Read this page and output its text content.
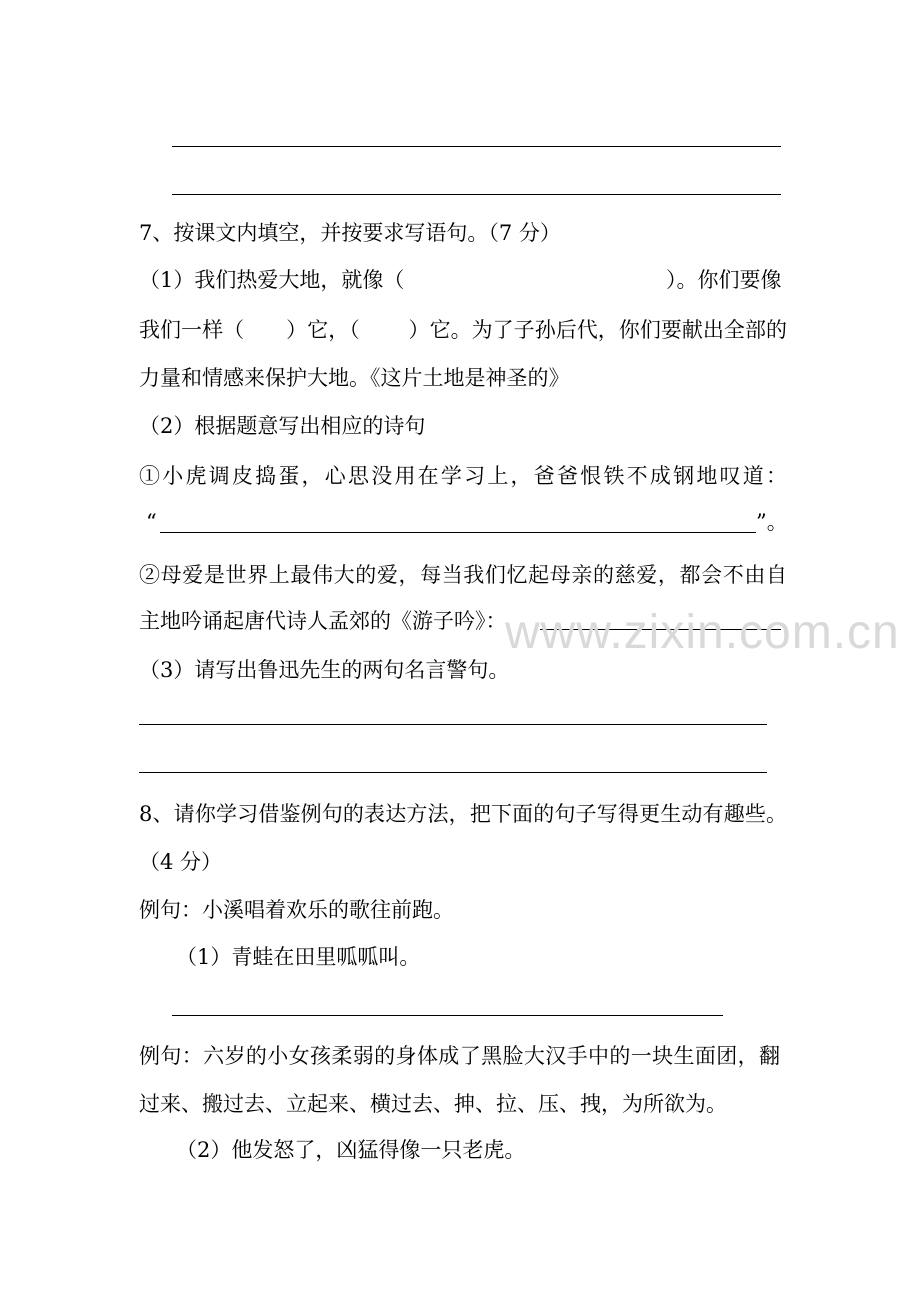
7、按课文内填空，并按要求写语句。（7 分）
（1）我们热爱大地，就像（	）。你们要像
我们一样（　　）它，（　　 ）它。为了子孙后代，你们要献出全部的
力量和情感来保护大地。《这片土地是神圣的》
（2）根据题意写出相应的诗句
①小虎调皮捣蛋，心思没用在学习上，爸爸恨铁不成钢地叹道：
“	”。
②母爱是世界上最伟大的爱，每当我们忆起母亲的慈爱，都会不由自
主地吟诵起唐代诗人孟郊的《游子吟》：
（3）请写出鲁迅先生的两句名言警句。
8、请你学习借鉴例句的表达方法，把下面的句子写得更生动有趣些。
（4 分）
例句：小溪唱着欢乐的歌往前跑。
（1）青蛙在田里呱呱叫。
例句：六岁的小女孩柔弱的身体成了黑脸大汉手中的一块生面团，翻
过来、搬过去、立起来、横过去、抻、拉、压、拽，为所欲为。
（2）他发怒了，凶猛得像一只老虎。
www.zixin.com.cn
